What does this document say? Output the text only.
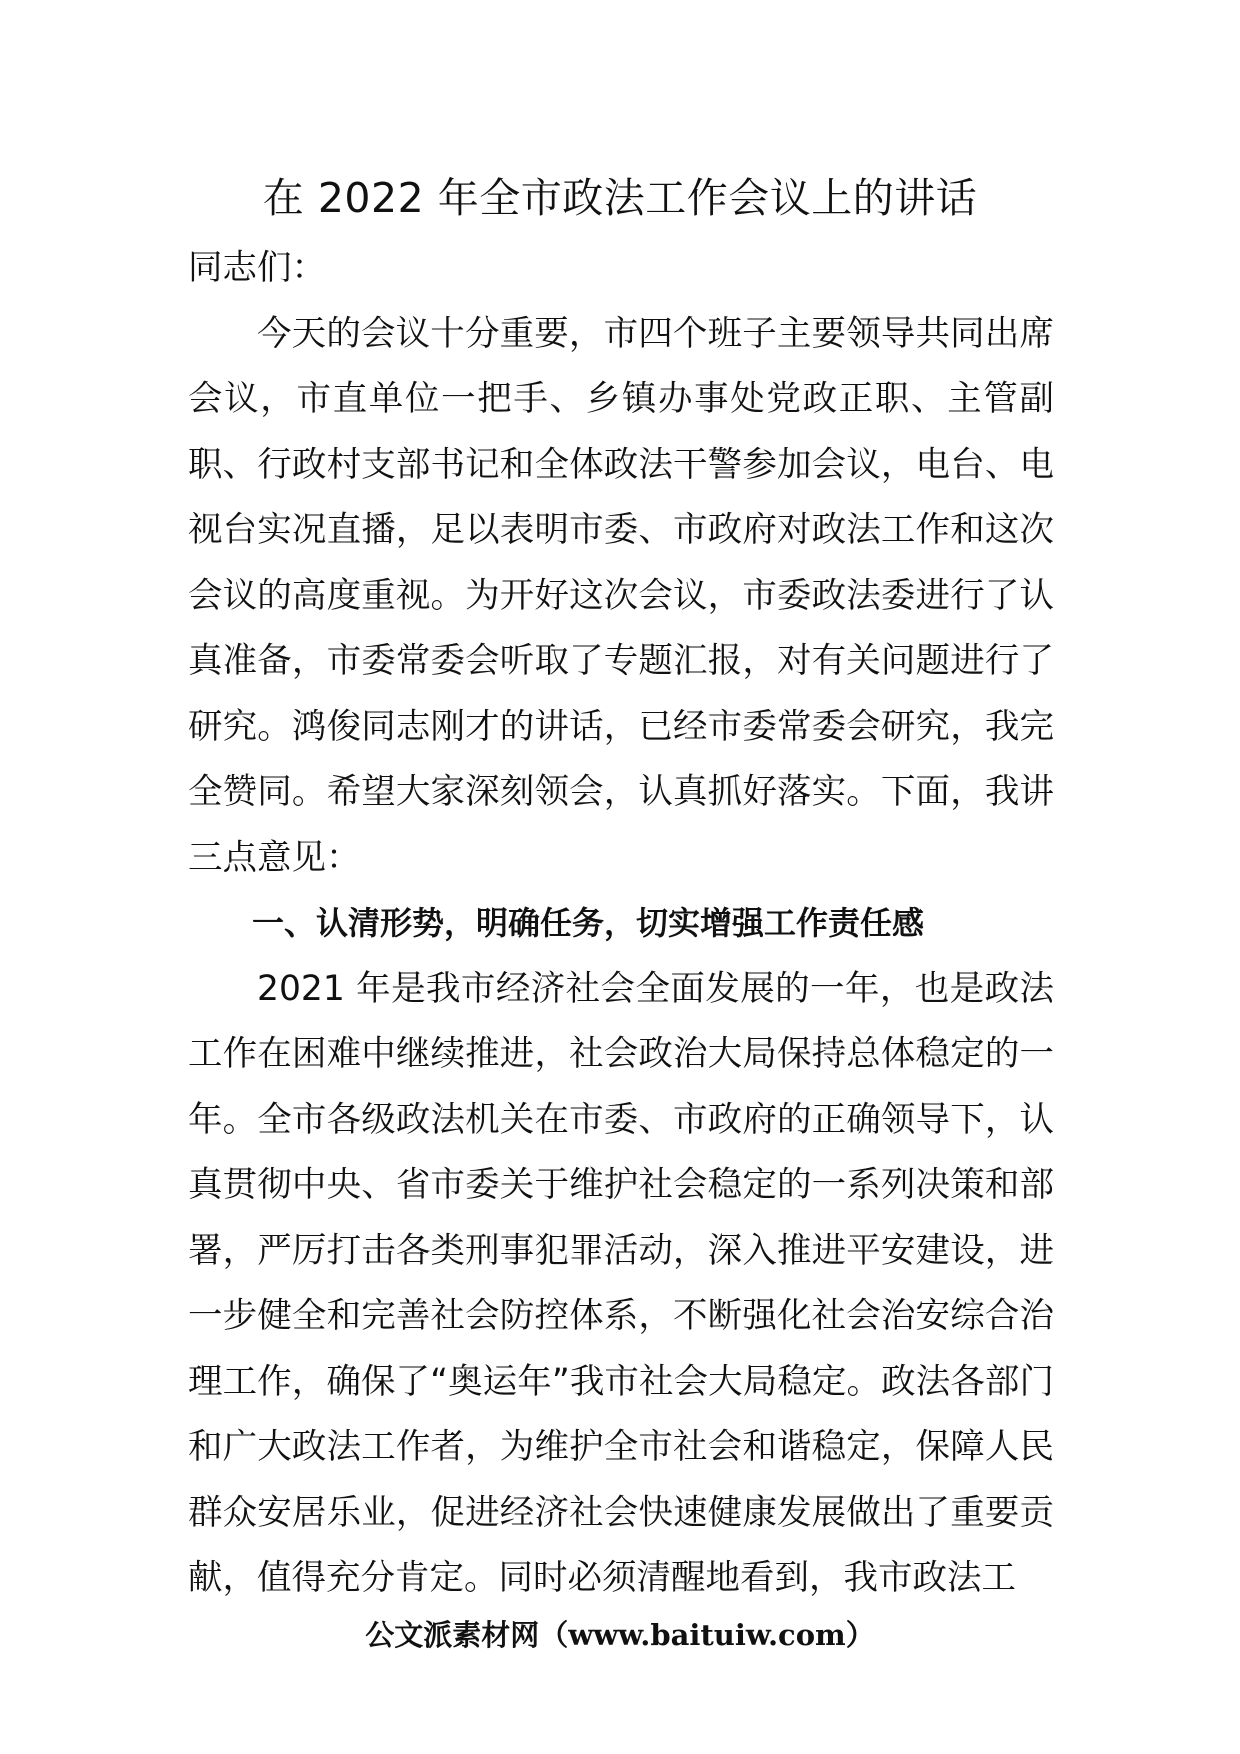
在 2022 年全市政法工作会议上的讲话

同志们：

今天的会议十分重要，市四个班子主要领导共同出席会议，市直单位一把手、乡镇办事处党政正职、主管副职、行政村支部书记和全体政法干警参加会议，电台、电视台实况直播，足以表明市委、市政府对政法工作和这次会议的高度重视。为开好这次会议，市委政法委进行了认真准备，市委常委会听取了专题汇报，对有关问题进行了研究。鸿俊同志刚才的讲话，已经市委常委会研究，我完全赞同。希望大家深刻领会，认真抓好落实。下面，我讲三点意见：

一、认清形势，明确任务，切实增强工作责任感

2021 年是我市经济社会全面发展的一年，也是政法工作在困难中继续推进，社会政治大局保持总体稳定的一年。全市各级政法机关在市委、市政府的正确领导下，认真贯彻中央、省市委关于维护社会稳定的一系列决策和部署，严厉打击各类刑事犯罪活动，深入推进平安建设，进一步健全和完善社会防控体系，不断强化社会治安综合治理工作，确保了“奥运年”我市社会大局稳定。政法各部门和广大政法工作者，为维护全市社会和谐稳定，保障人民群众安居乐业，促进经济社会快速健康发展做出了重要贡献，值得充分肯定。同时必须清醒地看到，我市政法工

公文派素材网（www.baituiw.com）
